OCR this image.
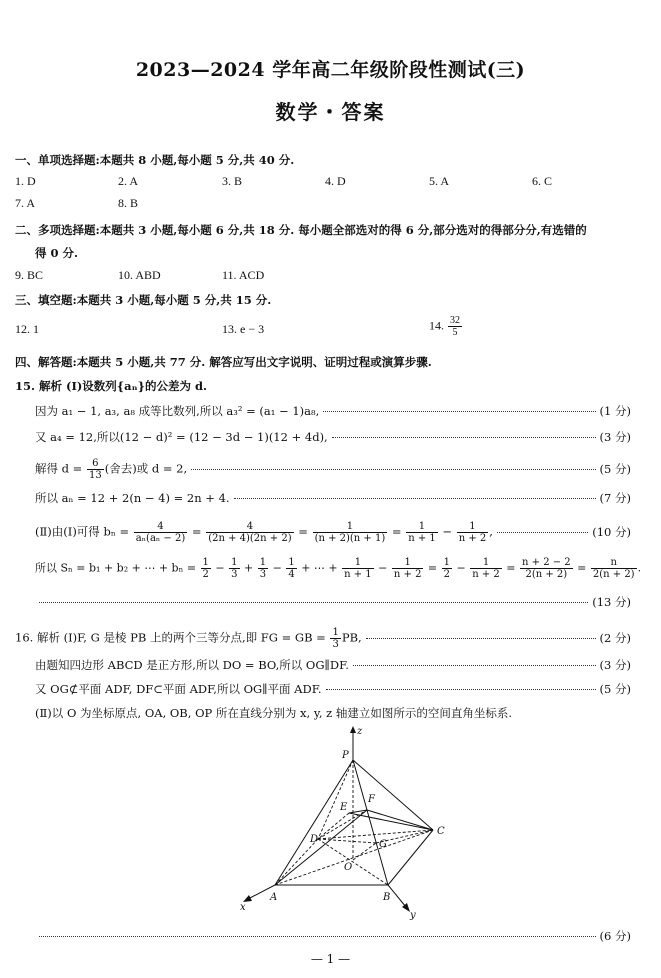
2023—2024 学年高二年级阶段性测试(三)
数学・答案
一、单项选择题:本题共 8 小题,每小题 5 分,共 40 分.
1. D	2. A	3. B	4. D	5. A	6. C
7. A	8. B
二、多项选择题:本题共 3 小题,每小题 6 分,共 18 分. 每小题全部选对的得 6 分,部分选对的得部分分,有选错的
得 0 分.
9. BC	10. ABD	11. ACD
三、填空题:本题共 3 小题,每小题 5 分,共 15 分.
12. 1	13. e − 3	14. $\frac{32}{5}$
四、解答题:本题共 5 小题,共 77 分. 解答应写出文字说明、证明过程或演算步骤.
15. 解析 (Ⅰ)设数列{aₙ}的公差为 d.
因为 a₁ − 1, a₃, a₈ 成等比数列,所以 a₃² = (a₁ − 1)a₈,	(1 分)
又 a₄ = 12,所以(12 − d)² = (12 − 3d − 1)(12 + 4d),	(3 分)
解得 $d = \frac{6}{13}$ (舍去)或 d = 2,	(5 分)
所以 aₙ = 12 + 2(n − 4) = 2n + 4.	(7 分)
(Ⅱ)由(Ⅰ)可得 $b_n = \frac{4}{\text{aₙ(aₙ − 2)}} = \frac{4}{(2n + 4)(2n + 2)} = \frac{1}{(n + 2)(n + 1)} = \frac{1}{n + 1} - \frac{1}{n + 2}$ ,	(10 分)
所以 Sₙ = b₁ + b₂ + ⋯ + $b_n = \frac{1}{2} - \frac{1}{3} + \frac{1}{3} - \frac{1}{4}$ + ⋯ + $\frac{1}{n + 1} - \frac{1}{n + 2} = \frac{1}{2} - \frac{1}{n + 2} = \frac{n + 2 - 2}{2(n + 2)} = \frac{n}{2(n + 2)}$ .
(13 分)
16. 解析 (Ⅰ)F, G 是棱 PB 上的两个三等分点,即 FG = GB = $\frac{1}{3}$ PB,	(2 分)
由题知四边形 ABCD 是正方形,所以 DO = BO,所以 OG∥DF.	(3 分)
又 OG⊄平面 ADF, DF⊂平面 ADF,所以 OG∥平面 ADF.	(5 分)
(Ⅱ)以 O 为坐标原点, OA, OB, OP 所在直线分别为 x, y, z 轴建立如图所示的空间直角坐标系.
z
P
E
F
D
C
G
O
A	B
x
y
(6 分)
— 1 —
